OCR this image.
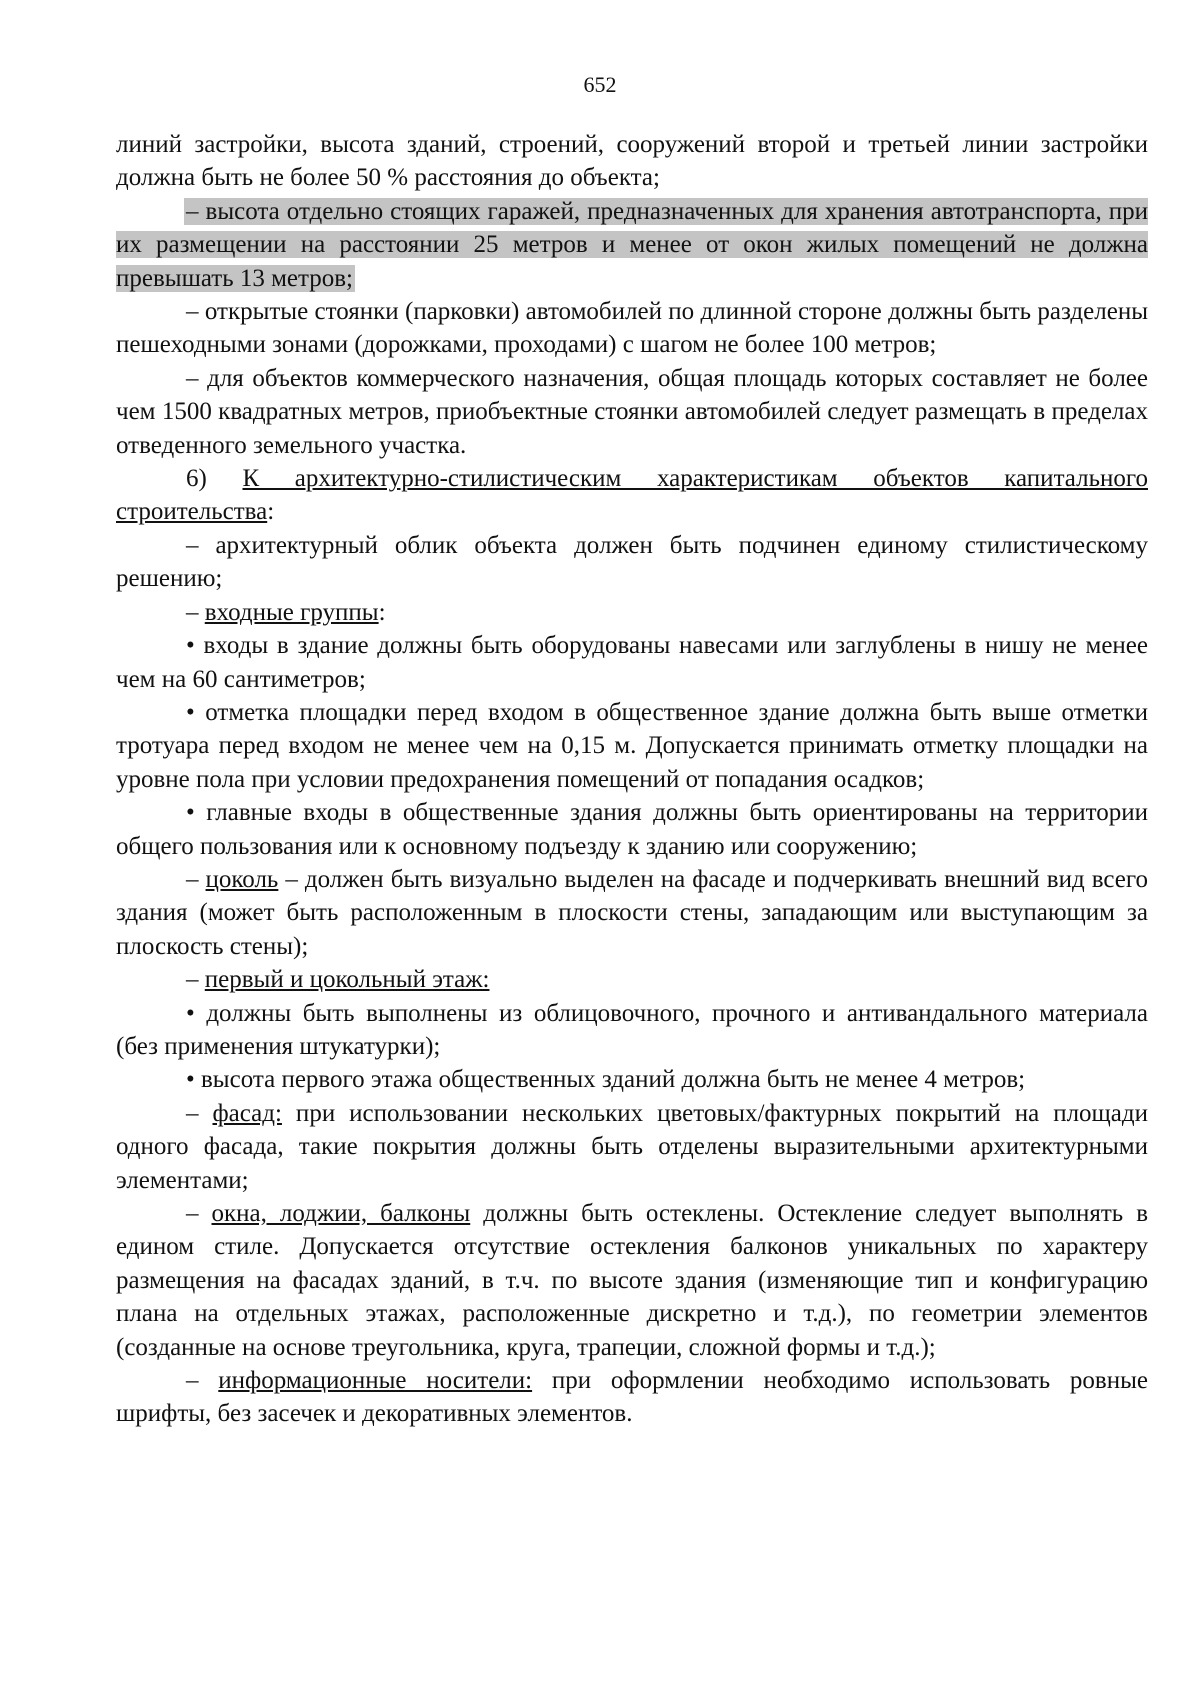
652

линий застройки, высота зданий, строений, сооружений второй и третьей линии застройки должна быть не более 50 % расстояния до объекта;

– высота отдельно стоящих гаражей, предназначенных для хранения автотранспорта, при их размещении на расстоянии 25 метров и менее от окон жилых помещений не должна превышать 13 метров;

– открытые стоянки (парковки) автомобилей по длинной стороне должны быть разделены пешеходными зонами (дорожками, проходами) с шагом не более 100 метров;

– для объектов коммерческого назначения, общая площадь которых составляет не более чем 1500 квадратных метров, приобъектные стоянки автомобилей следует размещать в пределах отведенного земельного участка.

6) К архитектурно-стилистическим характеристикам объектов капитального строительства:

– архитектурный облик объекта должен быть подчинен единому стилистическому решению;

– входные группы:

• входы в здание должны быть оборудованы навесами или заглублены в нишу не менее чем на 60 сантиметров;

• отметка площадки перед входом в общественное здание должна быть выше отметки тротуара перед входом не менее чем на 0,15 м. Допускается принимать отметку площадки на уровне пола при условии предохранения помещений от попадания осадков;

• главные входы в общественные здания должны быть ориентированы на территории общего пользования или к основному подъезду к зданию или сооружению;

– цоколь – должен быть визуально выделен на фасаде и подчеркивать внешний вид всего здания (может быть расположенным в плоскости стены, западающим или выступающим за плоскость стены);

– первый и цокольный этаж:

• должны быть выполнены из облицовочного, прочного и антивандального материала (без применения штукатурки);

• высота первого этажа общественных зданий должна быть не менее 4 метров;

– фасад: при использовании нескольких цветовых/фактурных покрытий на площади одного фасада, такие покрытия должны быть отделены выразительными архитектурными элементами;

– окна, лоджии, балконы должны быть остеклены. Остекление следует выполнять в едином стиле. Допускается отсутствие остекления балконов уникальных по характеру размещения на фасадах зданий, в т.ч. по высоте здания (изменяющие тип и конфигурацию плана на отдельных этажах, расположенные дискретно и т.д.), по геометрии элементов (созданные на основе треугольника, круга, трапеции, сложной формы и т.д.);

– информационные носители: при оформлении необходимо использовать ровные шрифты, без засечек и декоративных элементов.
